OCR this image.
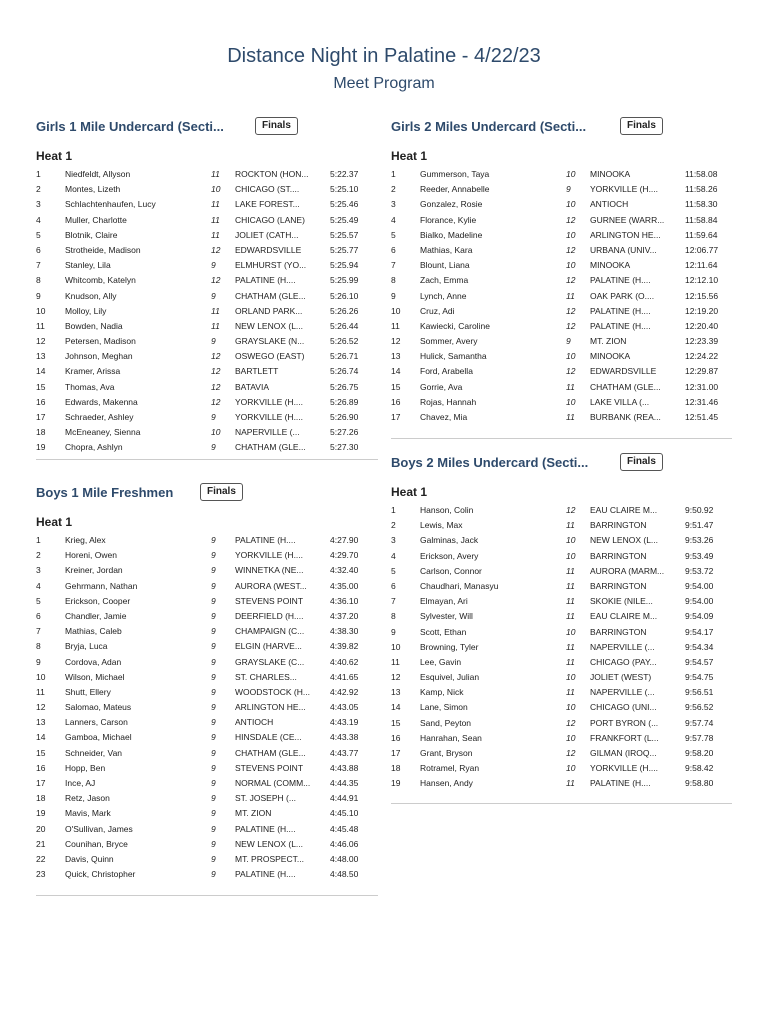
Distance Night in Palatine - 4/22/23
Meet Program
Girls 1 Mile Undercard (Secti...	Finals
Heat 1
1	Niedfeldt, Allyson	11 ROCKTON (HON...	5:22.37
2	Montes, Lizeth	10 CHICAGO (ST....	5:25.10
3	Schlachtenhaufen, Lucy	11 LAKE FOREST...	5:25.46
4	Muller, Charlotte	11 CHICAGO (LANE)	5:25.49
5	Blotnik, Claire	11 JOLIET (CATH...	5:25.57
6	Strotheide, Madison	12 EDWARDSVILLE	5:25.77
7	Stanley, Lila	9 ELMHURST (YO...	5:25.94
8	Whitcomb, Katelyn	12 PALATINE (H....	5:25.99
9	Knudson, Ally	9 CHATHAM (GLE...	5:26.10
10 Molloy, Lily	11 ORLAND PARK...	5:26.26
11 Bowden, Nadia	11 NEW LENOX (L...	5:26.44
12 Petersen, Madison	9 GRAYSLAKE (N...	5:26.52
13 Johnson, Meghan	12 OSWEGO (EAST)	5:26.71
14 Kramer, Arissa	12 BARTLETT	5:26.74
15 Thomas, Ava	12 BATAVIA	5:26.75
16 Edwards, Makenna	12 YORKVILLE (H....	5:26.89
17 Schraeder, Ashley	9 YORKVILLE (H....	5:26.90
18 McEneaney, Sienna	10 NAPERVILLE (...	5:27.26
19 Chopra, Ashlyn	9 CHATHAM (GLE...	5:27.30
Girls 2 Miles Undercard (Secti...	Finals
Heat 1
1	Gummerson, Taya	10 MINOOKA	11:58.08
2	Reeder, Annabelle	9 YORKVILLE (H....	11:58.26
3	Gonzalez, Rosie	10 ANTIOCH	11:58.30
4	Florance, Kylie	12 GURNEE (WARR... 11:58.84
5	Bialko, Madeline	10 ARLINGTON HE...	11:59.64
6	Mathias, Kara	12 URBANA (UNIV...	12:06.77
7	Blount, Liana	10 MINOOKA	12:11.64
8	Zach, Emma	12 PALATINE (H....	12:12.10
9	Lynch, Anne	11 OAK PARK (O....	12:15.56
10 Cruz, Adi	12 PALATINE (H....	12:19.20
11 Kawiecki, Caroline	12 PALATINE (H....	12:20.40
12 Sommer, Avery	9 MT. ZION	12:23.39
13 Hulick, Samantha	10 MINOOKA	12:24.22
14 Ford, Arabella	12 EDWARDSVILLE	12:29.87
15 Gorrie, Ava	11 CHATHAM (GLE...	12:31.00
16 Rojas, Hannah	10 LAKE VILLA (...	12:31.46
17 Chavez, Mia	11 BURBANK (REA...	12:51.45
Boys 1 Mile Freshmen	Finals
Heat 1
1	Krieg, Alex	9 PALATINE (H....	4:27.90
2	Horeni, Owen	9 YORKVILLE (H....	4:29.70
3	Kreiner, Jordan	9 WINNETKA (NE...	4:32.40
4	Gehrmann, Nathan	9 AURORA (WEST...	4:35.00
5	Erickson, Cooper	9 STEVENS POINT	4:36.10
6	Chandler, Jamie	9 DEERFIELD (H....	4:37.20
7	Mathias, Caleb	9 CHAMPAIGN (C...	4:38.30
8	Bryja, Luca	9 ELGIN (HARVE...	4:39.82
9	Cordova, Adan	9 GRAYSLAKE (C...	4:40.62
10 Wilson, Michael	9 ST. CHARLES...	4:41.65
11 Shutt, Ellery	9 WOODSTOCK (H... 4:42.92
12 Salomao, Mateus	9 ARLINGTON HE...	4:43.05
13 Lanners, Carson	9 ANTIOCH	4:43.19
14 Gamboa, Michael	9 HINSDALE (CE...	4:43.38
15 Schneider, Van	9 CHATHAM (GLE...	4:43.77
16 Hopp, Ben	9 STEVENS POINT	4:43.88
17 Ince, AJ	9 NORMAL (COMM... 4:44.35
18 Retz, Jason	9 ST. JOSEPH (...	4:44.91
19 Mavis, Mark	9 MT. ZION	4:45.10
20 O'Sullivan, James	9 PALATINE (H....	4:45.48
21 Counihan, Bryce	9 NEW LENOX (L...	4:46.06
22 Davis, Quinn	9 MT. PROSPECT...	4:48.00
23 Quick, Christopher	9 PALATINE (H....	4:48.50
Boys 2 Miles Undercard (Secti...	Finals
Heat 1
1	Hanson, Colin	12 EAU CLAIRE M...	9:50.92
2	Lewis, Max	11 BARRINGTON	9:51.47
3	Galminas, Jack	10 NEW LENOX (L...	9:53.26
4	Erickson, Avery	10 BARRINGTON	9:53.49
5	Carlson, Connor	11 AURORA (MARM... 9:53.72
6	Chaudhari, Manasyu	11 BARRINGTON	9:54.00
7	Elmayan, Ari	11 SKOKIE (NILE...	9:54.00
8	Sylvester, Will	11 EAU CLAIRE M...	9:54.09
9	Scott, Ethan	10 BARRINGTON	9:54.17
10 Browning, Tyler	11 NAPERVILLE (...	9:54.34
11 Lee, Gavin	11 CHICAGO (PAY...	9:54.57
12 Esquivel, Julian	10 JOLIET (WEST)	9:54.75
13 Kamp, Nick	11 NAPERVILLE (...	9:56.51
14 Lane, Simon	10 CHICAGO (UNI...	9:56.52
15 Sand, Peyton	12 PORT BYRON (...	9:57.74
16 Hanrahan, Sean	10 FRANKFORT (L...	9:57.78
17 Grant, Bryson	12 GILMAN (IROQ...	9:58.20
18 Rotramel, Ryan	10 YORKVILLE (H....	9:58.42
19 Hansen, Andy	11 PALATINE (H....	9:58.80
